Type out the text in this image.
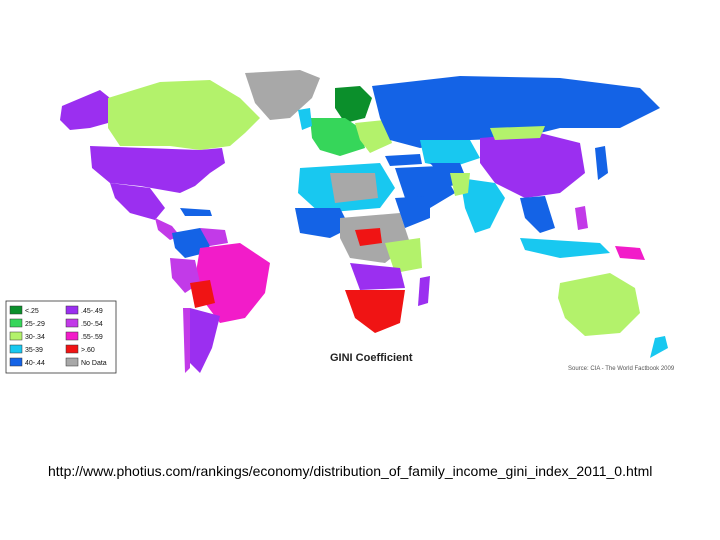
<.25	.45-.49
25-.29	.50-.54
30-.34	.55-.59
35-39	>.60
40-.44	No Data	GINI Coefficient
Source: CIA - The World Factbook 2009
http://www.photius.com/rankings/economy/distribution_of_family_income_gini_index_2011_0.html
